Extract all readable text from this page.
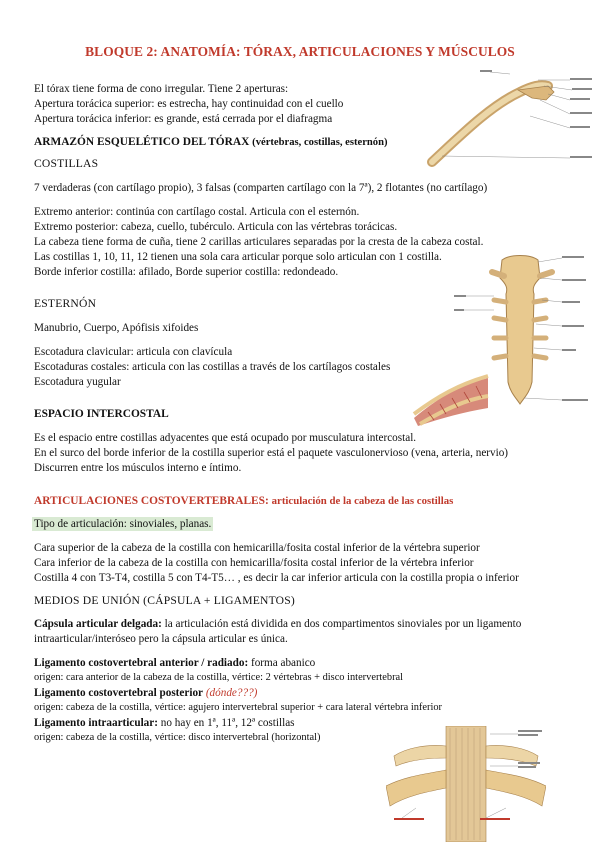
BLOQUE 2: ANATOMÍA: TÓRAX, ARTICULACIONES Y MÚSCULOS
El tórax tiene forma de cono irregular. Tiene 2 aperturas:
Apertura torácica superior: es estrecha, hay continuidad con el cuello
Apertura torácica inferior: es grande, está cerrada por el diafragma
ARMAZÓN ESQUELÉTICO DEL TÓRAX (vértebras, costillas, esternón)
COSTILLAS
7 verdaderas (con cartílago propio), 3 falsas (comparten cartílago con la 7ª), 2 flotantes (no cartílago)
Extremo anterior: continúa con cartílago costal. Articula con el esternón.
Extremo posterior: cabeza, cuello, tubérculo. Articula con las vértebras torácicas.
La cabeza tiene forma de cuña, tiene 2 carillas articulares separadas por la cresta de la cabeza costal.
Las costillas 1, 10, 11, 12 tienen una sola cara articular porque solo articulan con 1 costilla.
Borde inferior costilla: afilado, Borde superior costilla: redondeado.
ESTERNÓN
Manubrio, Cuerpo, Apófisis xifoides
Escotadura clavicular: articula con clavícula
Escotaduras costales: articula con las costillas a través de los cartílagos costales
Escotadura yugular
ESPACIO INTERCOSTAL
Es el espacio entre costillas adyacentes que está ocupado por musculatura intercostal.
En el surco del borde inferior de la costilla superior está el paquete vasculonervioso (vena, arteria, nervio)
Discurren entre los músculos interno e íntimo.
ARTICULACIONES COSTOVERTEBRALES: articulación de la cabeza de las costillas
Tipo de articulación: sinoviales, planas.
Cara superior de la cabeza de la costilla con hemicarilla/fosita costal inferior de la vértebra superior
Cara inferior de la cabeza de la costilla con hemicarilla/fosita costal inferior de la vértebra inferior
Costilla 4 con T3-T4, costilla 5 con T4-T5… , es decir la car inferior articula con la costilla propia o inferior
MEDIOS DE UNIÓN (CÁPSULA + LIGAMENTOS)
Cápsula articular delgada: la articulación está dividida en dos compartimentos sinoviales por un ligamento
intraarticular/interóseo pero la cápsula articular es única.
Ligamento costovertebral anterior / radiado: forma abanico
origen: cara anterior de la cabeza de la costilla, vértice: 2 vértebras + disco intervertebral
Ligamento costovertebral posterior (dónde???)
origen: cabeza de la costilla, vértice: agujero intervertebral superior + cara lateral vértebra inferior
Ligamento intraarticular: no hay en 1ª, 11ª, 12ª costillas
origen: cabeza de la costilla, vértice: disco intervertebral (horizontal)
